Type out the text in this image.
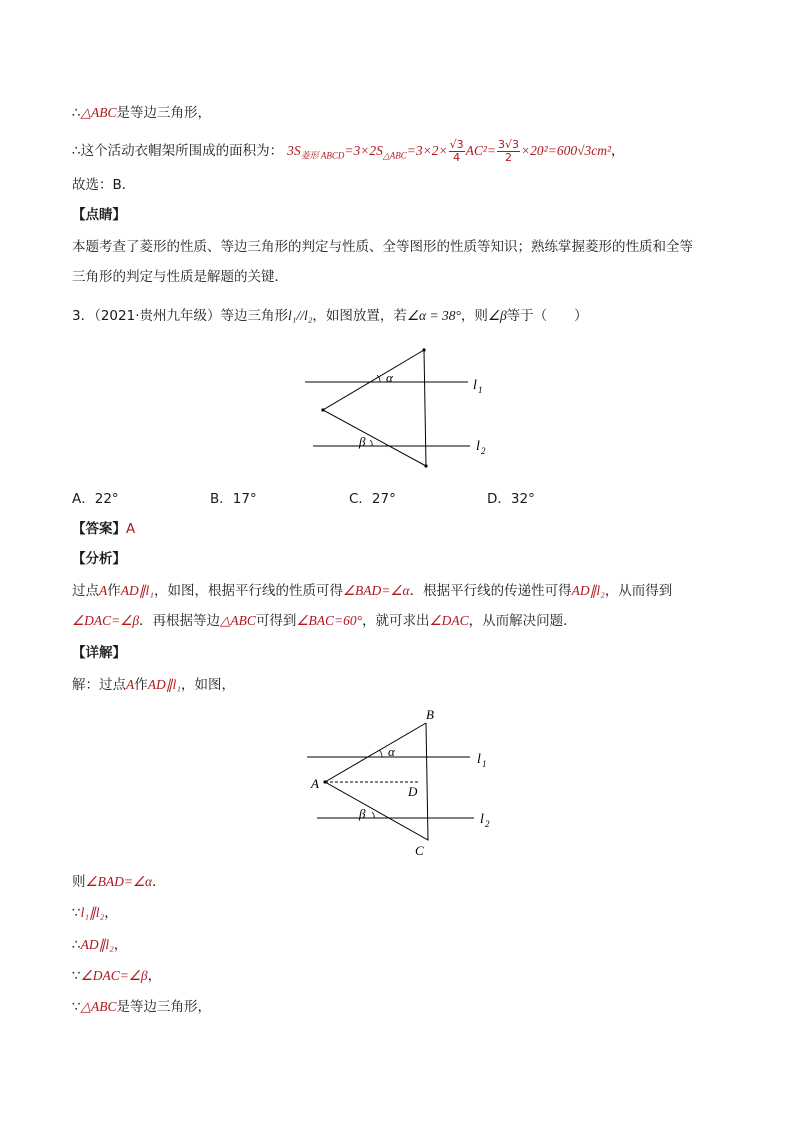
∴△ABC是等边三角形，
∴这个活动衣帽架所围成的面积为： $3S_{菱形 ABCD}=3\times 2S_{\triangle ABC}=3\times 2\times \frac{√3}{4} AC^2= \frac{3√3}{2} \times 20^2=600√3cm^2$，
故选：B．
【点睛】
本题考查了菱形的性质、等边三角形的判定与性质、全等图形的性质等知识；熟练掌握菱形的性质和全等
三角形的判定与性质是解题的关键．
3．（2021·贵州九年级）等边三角形l₁//l₂，如图放置，若∠α = 38°，则∠β等于（　　）
α
β
l 1
l 2
A．22°	B．17°	C．27°	D．32°
【答案】A
【分析】
过点A作AD∥l₁，如图，根据平行线的性质可得∠BAD=∠α．根据平行线的传递性可得AD∥l₂，从而得到
∠DAC=∠β．再根据等边△ABC可得到∠BAC=60°，就可求出∠DAC，从而解决问题．
【详解】
解：过点A作AD∥l₁，如图，
B
A
D
C
α
β
l 1
l 2
则∠BAD=∠α．
∵l₁∥l₂，
∴AD∥l₂，
∵∠DAC=∠β，
∵△ABC是等边三角形，
